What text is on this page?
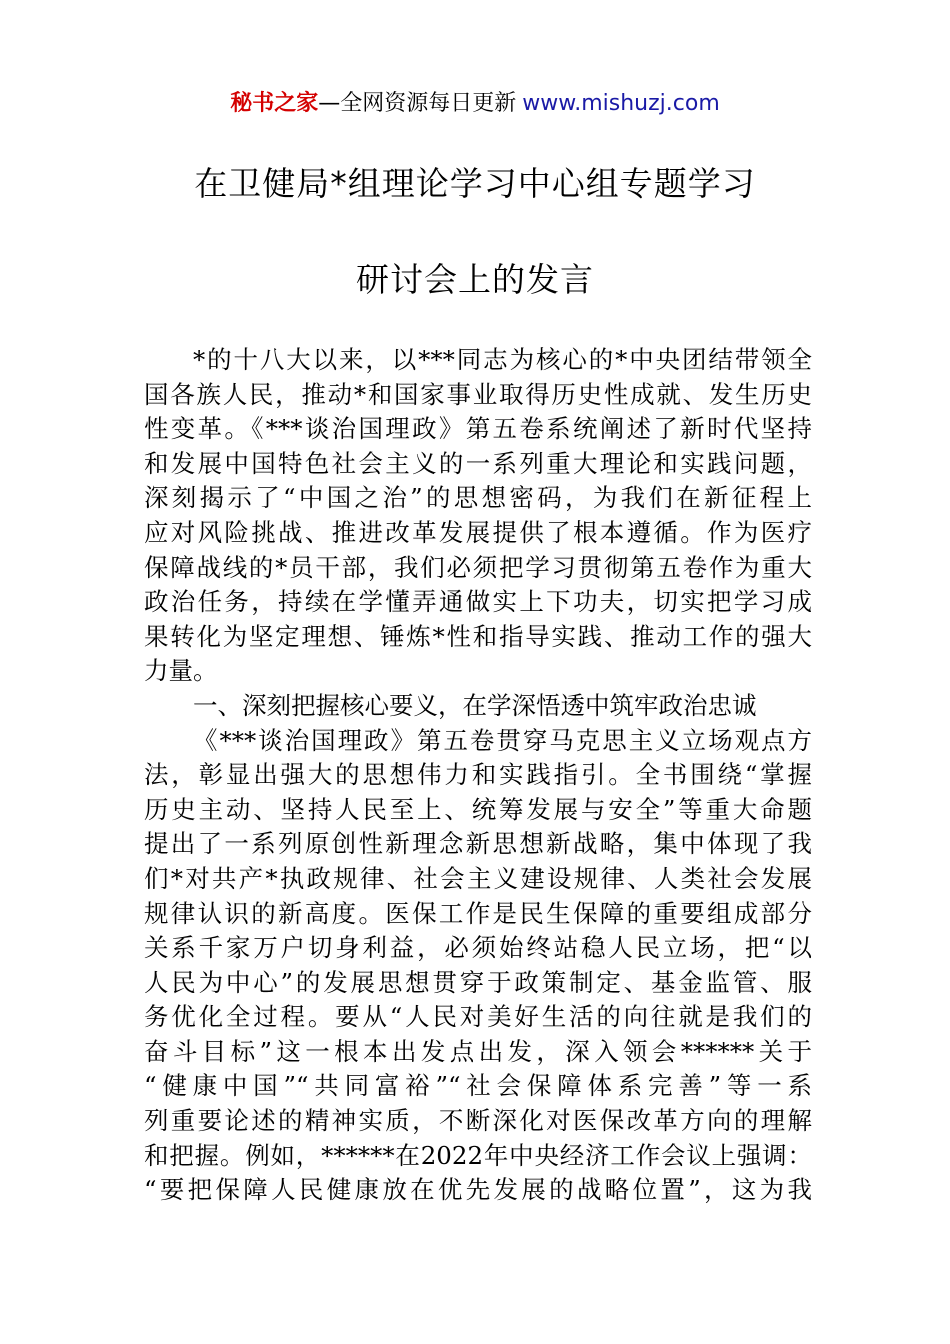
秘书之家—全网资源每日更新 www.mishuzj.com
在卫健局*组理论学习中心组专题学习
研讨会上的发言
*的十八大以来，以***同志为核心的*中央团结带领全
国各族人民，推动*和国家事业取得历史性成就、发生历史
性变革。《***谈治国理政》第五卷系统阐述了新时代坚持
和发展中国特色社会主义的一系列重大理论和实践问题，
深刻揭示了“中国之治”的思想密码，为我们在新征程上
应对风险挑战、推进改革发展提供了根本遵循。作为医疗
保障战线的*员干部，我们必须把学习贯彻第五卷作为重大
政治任务，持续在学懂弄通做实上下功夫，切实把学习成
果转化为坚定理想、锤炼*性和指导实践、推动工作的强大
力量。
一、深刻把握核心要义，在学深悟透中筑牢政治忠诚
《***谈治国理政》第五卷贯穿马克思主义立场观点方
法，彰显出强大的思想伟力和实践指引。全书围绕“掌握
历史主动、坚持人民至上、统筹发展与安全”等重大命题
提出了一系列原创性新理念新思想新战略，集中体现了我
们*对共产*执政规律、社会主义建设规律、人类社会发展
规律认识的新高度。医保工作是民生保障的重要组成部分
关系千家万户切身利益，必须始终站稳人民立场，把“以
人民为中心”的发展思想贯穿于政策制定、基金监管、服
务优化全过程。要从“人民对美好生活的向往就是我们的
奋斗目标”这一根本出发点出发，深入领会******关于
“健康中国”“共同富裕”“社会保障体系完善”等一系
列重要论述的精神实质，不断深化对医保改革方向的理解
和把握。例如，******在2022年中央经济工作会议上强调：
“要把保障人民健康放在优先发展的战略位置”，这为我
